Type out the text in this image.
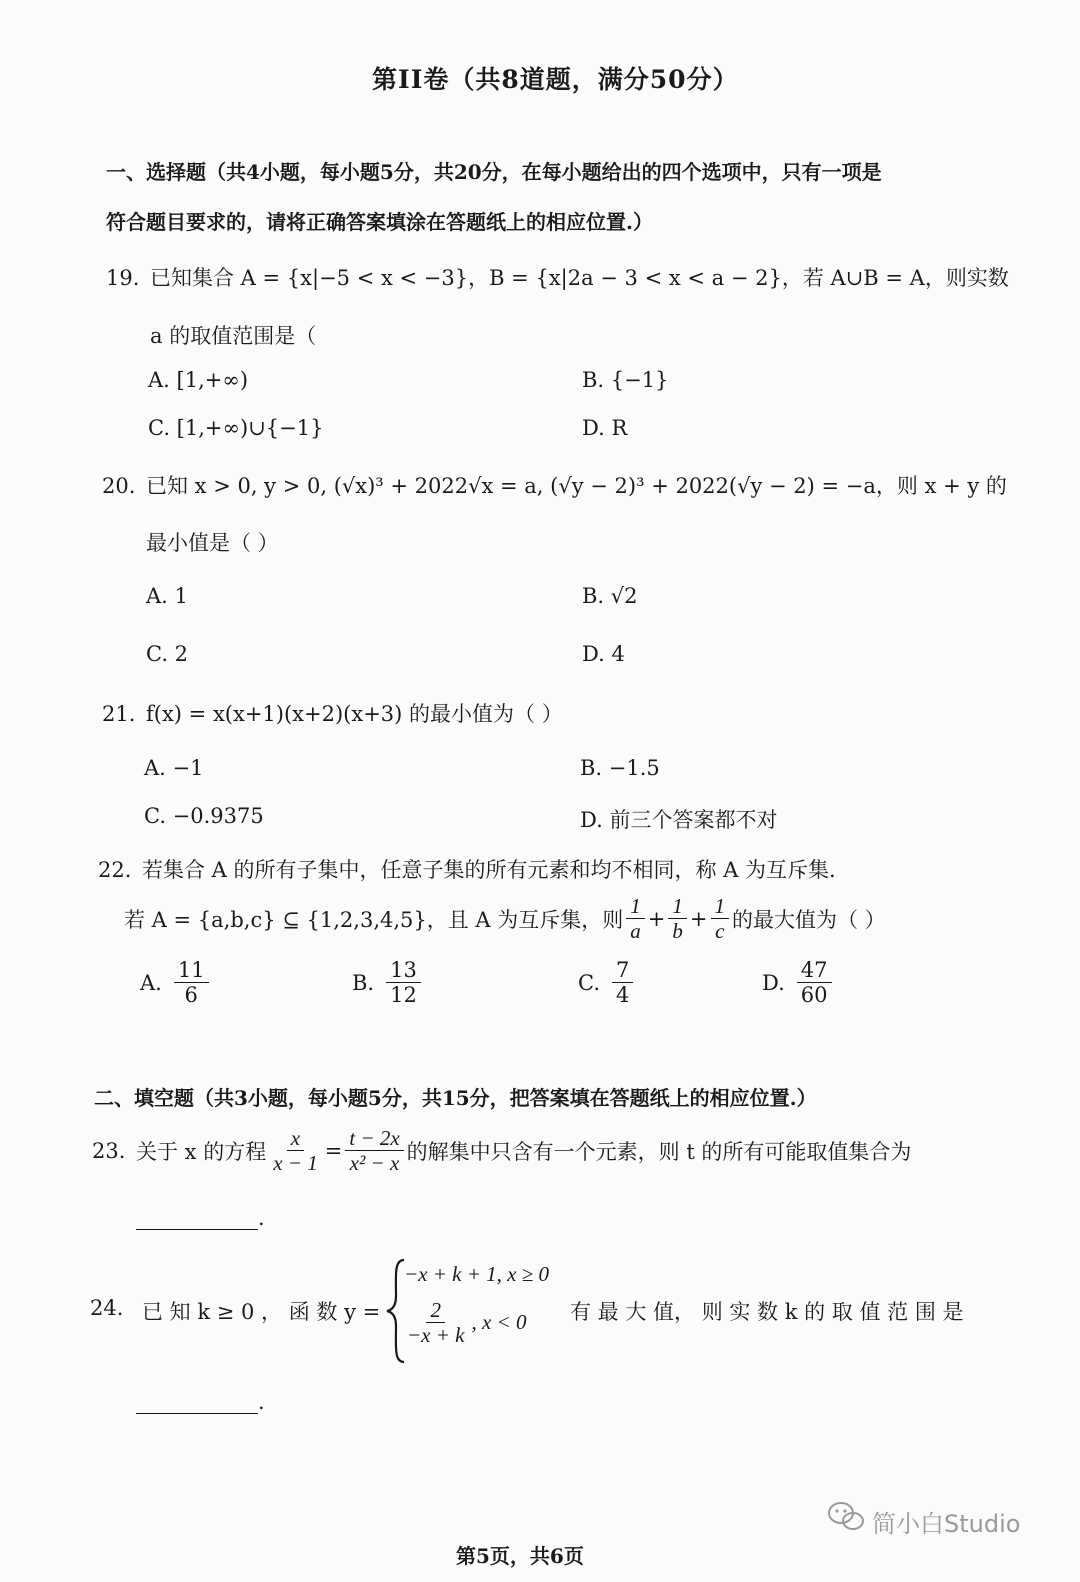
第II卷（共8道题，满分50分）
一、选择题（共4小题，每小题5分，共20分，在每小题给出的四个选项中，只有一项是
符合题目要求的，请将正确答案填涂在答题纸上的相应位置.）
19. 已知集合 A = {x|−5 < x < −3}，B = {x|2a − 3 < x < a − 2}，若 A∪B = A，则实数
a 的取值范围是（
A. [1,+∞)	B. {−1}
C. [1,+∞)∪{−1}	D. R
20. 已知 x > 0, y > 0, (√x)³ + 2022√x = a, (√y − 2)³ + 2022(√y − 2) = −a，则 x + y 的
最小值是（ ）
A. 1	B. √2
C. 2	D. 4
21. f(x) = x(x+1)(x+2)(x+3) 的最小值为（ ）
A. −1	B. −1.5
C. −0.9375	D. 前三个答案都不对
22. 若集合 A 的所有子集中，任意子集的所有元素和均不相同，称 A 为互斥集.
若 A = {a,b,c} ⊆ {1,2,3,4,5}，且 A 为互斥集，则 $\frac{1}{a} + \frac{1}{b} + \frac{1}{c}$ 的最大值为（ ）
A. $\frac{11}{6}$	B. $\frac{13}{12}$	C. $\frac{7}{4}$	D. $\frac{47}{60}$
二、填空题（共3小题，每小题5分，共15分，把答案填在答题纸上的相应位置.）
23. 关于 x 的方程 $\frac{x}{x - 1} = \frac{t - 2x}{\text{x² − x}}$ 的解集中只含有一个元素，则 t 的所有可能取值集合为
.
24. 已 知 k ≥ 0 ， 函 数 y =
−x + k + 1, x ≥ 0
$\frac{2}{-x + k}$ , x < 0 有 最 大 值， 则 实 数 k 的 取 值 范 围 是
.
简小白Studio
第5页，共6页
